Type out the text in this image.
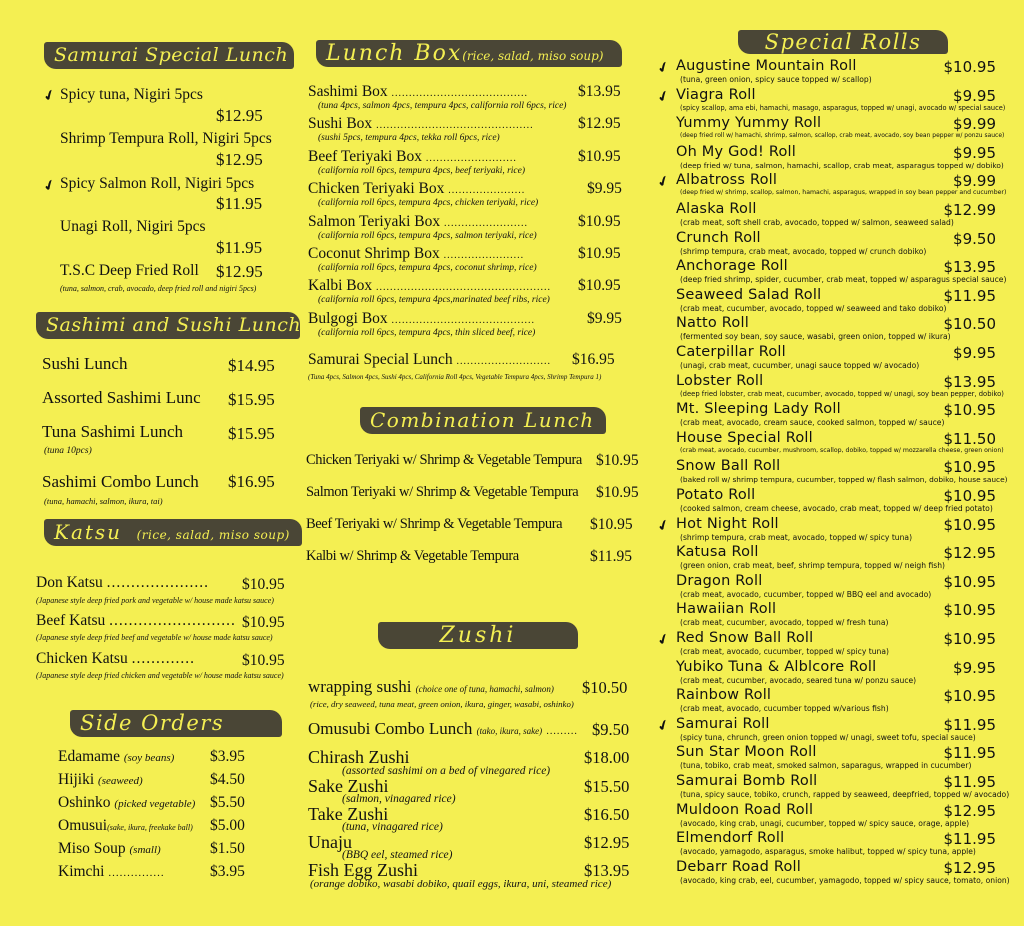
Samurai Special Lunch
✔ Spicy tuna, Nigiri 5pcs
$12.95
Shrimp Tempura Roll, Nigiri 5pcs
$12.95
✔ Spicy Salmon Roll, Nigiri 5pcs
$11.95
Unagi Roll, Nigiri 5pcs
$11.95
T.S.C Deep Fried Roll $12.95
(tuna, salmon, crab, avocado, deep fried roll and nigiri 5pcs)
Sashimi and Sushi Lunch
Sushi Lunch	$14.95
Assorted Sashimi Lunc $15.95
Tuna Sashimi Lunch	$15.95
(tuna 10pcs)
Sashimi Combo Lunch $16.95
(tuna, hamachi, salmon, ikura, tai)
Katsu (rice, salad, miso soup)
Don Katsu ..................... $10.95
(Japanese style deep fried pork and vegetable w/ house made katsu sauce)
Beef Katsu .......................... $10.95
(Japanese style deep fried beef and vegetable w/ house made katsu sauce)
Chicken Katsu .............	$10.95
(Japanese style deep fried chicken and vegetable w/ house made katsu sauce)
Side Orders
Edamame (soy beans) $3.95
Hijiki (seaweed)	$4.50
Oshinko (picked vegetable) $5.50
Omusui(sake, ikura, freekake ball) $5.00
Miso Soup (small)	$1.50
Kimchi ...............	$3.95
Lunch Box(rice, salad, miso soup)
Sashimi Box .......................................	$13.95
(tuna 4pcs, salmon 4pcs, tempura 4pcs, california roll 6pcs, rice)
Sushi Box .............................................	$12.95
(sushi 5pcs, tempura 4pcs, tekka roll 6pcs, rice)
Beef Teriyaki Box ..........................	$10.95
(california roll 6pcs, tempura 4pcs, beef teriyaki, rice)
Chicken Teriyaki Box ......................	$9.95
(california roll 6pcs, tempura 4pcs, chicken teriyaki, rice)
Salmon Teriyaki Box ........................	$10.95
(california roll 6pcs, tempura 4pcs, salmon teriyaki, rice)
Coconut Shrimp Box .......................	$10.95
(california roll 6pcs, tempura 4pcs, coconut shrimp, rice)
Kalbi Box .................................................. $10.95
(california roll 6pcs, tempura 4pcs,marinated beef ribs, rice)
Bulgogi Box .........................................	$9.95
(california roll 6pcs, tempura 4pcs, thin sliced beef, rice)
Samurai Special Lunch ........................... $16.95
(Tuna 4pcs, Salmon 4pcs, Sushi 4pcs, California Roll 4pcs, Vegetable Tempura 4pcs, Shrimp Tempura 1)
Combination Lunch
Chicken Teriyaki w/ Shrimp & Vegetable Tempura $10.95
Salmon Teriyaki w/ Shrimp & Vegetable Tempura $10.95
Beef Teriyaki w/ Shrimp & Vegetable Tempura $10.95
Kalbi w/ Shrimp & Vegetable Tempura	$11.95
Zushi
wrapping sushi (choice one of tuna, hamachi, salmon) $10.50
(rice, dry seaweed, tuna meat, green onion, ikura, ginger, wasabi, oshinko)
Omusubi Combo Lunch (tako, ikura, sake) ......... $9.50
Chirash Zushi	$18.00
(assorted sashimi on a bed of vinegared rice)
Sake Zushi	$15.50
(salmon, vinagared rice)
Take Zushi	$16.50
(tuna, vinagared rice)
Unaju	$12.95
(BBQ eel, steamed rice)
Fish Egg Zushi	$13.95
(orange dobiko, wasabi dobiko, quail eggs, ikura, uni, steamed rice)
Special Rolls
✔ Augustine Mountain Roll	$10.95
(tuna, green onion, spicy sauce topped w/ scallop)
✔ Viagra Roll	$9.95
(spicy scallop, ama ebi, hamachi, masago, asparagus, topped w/ unagi, avocado w/ special sauce)
Yummy Yummy Roll	$9.99
(deep fried roll w/ hamachi, shrimp, salmon, scallop, crab meat, avocado, soy bean pepper w/ ponzu sauce)
Oh My God! Roll	$9.95
(deep fried w/ tuna, salmon, hamachi, scallop, crab meat, asparagus topped w/ dobiko)
✔ Albatross Roll	$9.99
(deep fried w/ shrimp, scallop, salmon, hamachi, asparagus, wrapped in soy bean pepper and cucumber)
Alaska Roll	$12.99
(crab meat, soft shell crab, avocado, topped w/ salmon, seaweed salad)
Crunch Roll	$9.50
(shrimp tempura, crab meat, avocado, topped w/ crunch dobiko)
Anchorage Roll	$13.95
(deep fried shrimp, spider, cucumber, crab meat, topped w/ asparagus special sauce)
Seaweed Salad Roll	$11.95
(crab meat, cucumber, avocado, topped w/ seaweed and tako dobiko)
Natto Roll	$10.50
(fermented soy bean, soy sauce, wasabi, green onion, topped w/ ikura)
Caterpillar Roll	$9.95
(unagi, crab meat, cucumber, unagi sauce topped w/ avocado)
Lobster Roll	$13.95
(deep fried lobster, crab meat, cucumber, avocado, topped w/ unagi, soy bean pepper, dobiko)
Mt. Sleeping Lady Roll	$10.95
(crab meat, avocado, cream sauce, cooked salmon, topped w/ sauce)
House Special Roll	$11.50
(crab meat, avocado, cucumber, mushroom, scallop, dobiko, topped w/ mozzarella cheese, green onion)
Snow Ball Roll	$10.95
(baked roll w/ shrimp tempura, cucumber, topped w/ flash salmon, dobiko, house sauce)
Potato Roll	$10.95
(cooked salmon, cream cheese, avocado, crab meat, topped w/ deep fried potato)
✔ Hot Night Roll	$10.95
(shrimp tempura, crab meat, avocado, topped w/ spicy tuna)
Katusa Roll	$12.95
(green onion, crab meat, beef, shrimp tempura, topped w/ neigh fish)
Dragon Roll	$10.95
(crab meat, avocado, cucumber, topped w/ BBQ eel and avocado)
Hawaiian Roll	$10.95
(crab meat, cucumber, avocado, topped w/ fresh tuna)
✔ Red Snow Ball Roll	$10.95
(crab meat, avocado, cucumber, topped w/ spicy tuna)
Yubiko Tuna & Alblcore Roll	$9.95
(crab meat, cucumber, avocado, seared tuna w/ ponzu sauce)
Rainbow Roll	$10.95
(crab meat, avocado, cucumber topped w/various fish)
✔ Samurai Roll	$11.95
(spicy tuna, chrunch, green onion topped w/ unagi, sweet tofu, special sauce)
Sun Star Moon Roll	$11.95
(tuna, tobiko, crab meat, smoked salmon, saparagus, wrapped in cucumber)
Samurai Bomb Roll	$11.95
(tuna, spicy sauce, tobiko, crunch, rapped by seaweed, deepfried, topped w/ avocado)
Muldoon Road Roll	$12.95
(avocado, king crab, unagi, cucumber, topped w/ spicy sauce, orage, apple)
Elmendorf Roll	$11.95
(avocado, yamagodo, asparagus, smoke halibut, topped w/ spicy tuna, apple)
Debarr Road Roll	$12.95
(avocado, king crab, eel, cucumber, yamagodo, topped w/ spicy sauce, tomato, onion)
